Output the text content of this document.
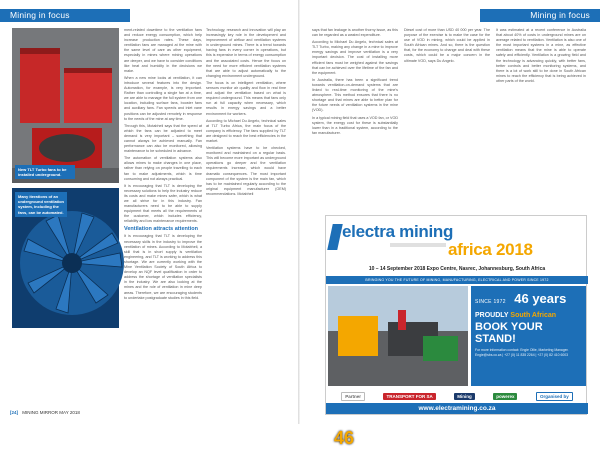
Mining in focus
New TLT Turbo fans to be installed underground.
Many iterations of an underground ventilation system, including the fans, can be automated.

ment-related downtime to the ventilation fans and reduce energy consumption, which help increase production rates. These days, ventilation fans are managed at the mine with the same level of care as other equipment, especially in mines where mining operations are deeper, and we have to consider conditions like heat and humidity in the decisions we make.

When a new mine looks at ventilation, it can introduce several features into the design. Automation, for example, is very important. Rather than controlling a single fan at a time, we are able to manage the full system from one location, including surface fans, booster fans and auxiliary fans. Fan speeds and inlet vane positions can be adjusted remotely in response to the needs of the mine at any time.

Through this, Motabheli says that the speed at which the fans can be adjusted to meet demand is very important – something that cannot always be achieved manually. Fan performance can also be monitored, allowing maintenance to be scheduled in advance.

The automation of ventilation systems also allows mines to make changes in one place, rather than relying on people travelling to each fan to make adjustments, which is time consuming and not always practical.

It is encouraging that TLT is developing the necessary solutions to help the industry reduce its costs and make mines safer, which is what we all strive for in this industry. Fan manufacturers need to be able to supply equipment that meets all the requirements of the customer, which includes efficiency, reliability and low maintenance requirements.

Ventilation attracts attention

It is encouraging that TLT is developing the necessary skills in the industry to improve the ventilation of mines. According to Motabheli, a skill that is in short supply is ventilation engineering, and TLT is working to address this shortage. We are currently working with the Mine Ventilation Society of South Africa to develop an NQF level qualification in order to address the shortage of ventilation specialists in the industry. We are also looking at the mines and the role of ventilation in mine deep areas. Therefore, we are encouraging students to undertake postgraduate studies in this field.

Technology, research and innovation will play an increasingly key role in the development and improvement of airflow and ventilation systems in underground mines. There is a trend towards having fans in every corner in operations, but this is expensive in terms of energy consumption and the associated costs. Hence the focus on the need for more efficient ventilation systems that are able to adjust automatically to the changing environment underground.

The focus is on intelligent ventilation, where sensors monitor air quality and flow in real time and adjust the ventilation based on what is required underground. This means that fans only run at full capacity when necessary, which results in energy savings and a better environment for workers.

According to Michael Du Angelo, technical sales at TLT Turbo Africa, the main focus of the company is efficiency. The fans supplied by TLT are designed to reach the best efficiencies in the market.

Ventilation systems have to be checked, monitored and maintained on a regular basis. This will become more important as underground operations go deeper and the ventilation requirements increase, which would have dramatic consequences. The most important component of the system is the main fan, which has to be maintained regularly according to the original equipment manufacturer (OEM) recommendations. Motabheli

[24] MINING MIRROR MAY 2018
Mining in focus

says that fan leakage is another thorny issue, as this can be regarded as a wasted expenditure.

According to Michael Du Angelo, technical sales at TLT Turbo, making any change in a mine to improve energy savings and improve ventilation is a very important decision. The cost of installing more efficient fans must be weighed against the savings that can be achieved over the lifetime of the fan and the equipment.

In Australia, there has been a significant trend towards ventilation-on-demand systems that are linked to real-time monitoring of the mine's atmosphere. This method ensures that there is no shortage and that mines are able to better plan for the future needs of ventilation systems in the mine (VOD).

In a typical mining field that uses a VOD fan, or VOD system, the energy cost for these is substantially lower than in a traditional system, according to the fan manufacturer.

Diesel cost of more than USD 40 000 per year. The purpose of the exercise is to make the case for the use of VOD in mining, which could be applied in South African mines. And so, there is the question that, for the economy to change and deal with these costs, which could be a major concern in the ultimate VOD, says Du Angelo.

It was estimated at a recent conference in Australia that about 40% of costs in underground mines are on average related to ventilation. Ventilation is also one of the most important systems in a mine, as effective ventilation means that the mine is able to operate safely and efficiently. Ventilation is a growing field and the technology is advancing quickly, with better fans, better controls and better monitoring systems, and there is a lot of work still to be done in South African mines to reach the efficiency that is being achieved in other parts of the world.

electra mining
africa 2018
10 – 14 September 2018 Expo Centre, Nasrec, Johannesburg, South Africa
BRINGING YOU THE FUTURE OF MINING, MANUFACTURING, ELECTRICAL AND POWER SINCE 1972
46
SINCE 1972 46 years
PROUDLY South African
BOOK YOUR STAND!
For more information contact: Engie Ollie, Marketing Manager. Engie@sbs.co.za | +27 (0) 11 835 2264 | +27 (0) 82 410 6003
Partner	TRANSPORT FOR SA	Mining	powerex	Organised by
www.electramining.co.za
